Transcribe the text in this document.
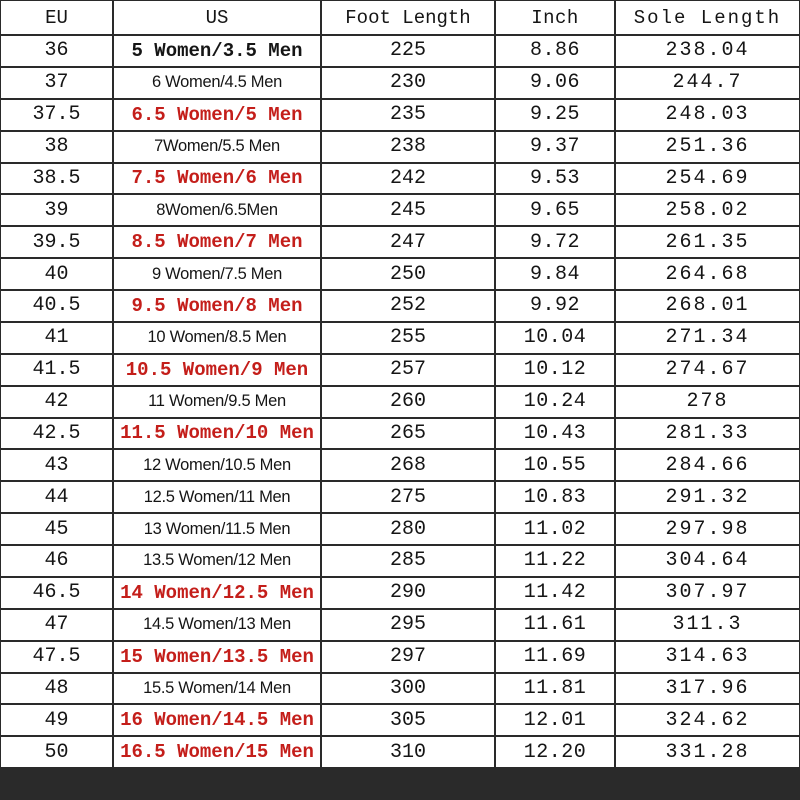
EU	US	Foot Length	Inch	Sole Length
36	5 Women/3.5 Men	225	8.86	238.04
37	6 Women/4.5 Men	230	9.06	244.7
37.5	6.5 Women/5 Men	235	9.25	248.03
38	7Women/5.5 Men	238	9.37	251.36
38.5	7.5 Women/6 Men	242	9.53	254.69
39	8Women/6.5Men	245	9.65	258.02
39.5	8.5 Women/7 Men	247	9.72	261.35
40	9 Women/7.5 Men	250	9.84	264.68
40.5	9.5 Women/8 Men	252	9.92	268.01
41	10 Women/8.5 Men	255	10.04	271.34
41.5	10.5 Women/9 Men	257	10.12	274.67
42	11 Women/9.5 Men	260	10.24	278
42.5	11.5 Women/10 Men	265	10.43	281.33
43	12 Women/10.5 Men	268	10.55	284.66
44	12.5 Women/11 Men	275	10.83	291.32
45	13 Women/11.5 Men	280	11.02	297.98
46	13.5 Women/12 Men	285	11.22	304.64
46.5	14 Women/12.5 Men	290	11.42	307.97
47	14.5 Women/13 Men	295	11.61	311.3
47.5	15 Women/13.5 Men	297	11.69	314.63
48	15.5 Women/14 Men	300	11.81	317.96
49	16 Women/14.5 Men	305	12.01	324.62
50	16.5 Women/15 Men	310	12.20	331.28
